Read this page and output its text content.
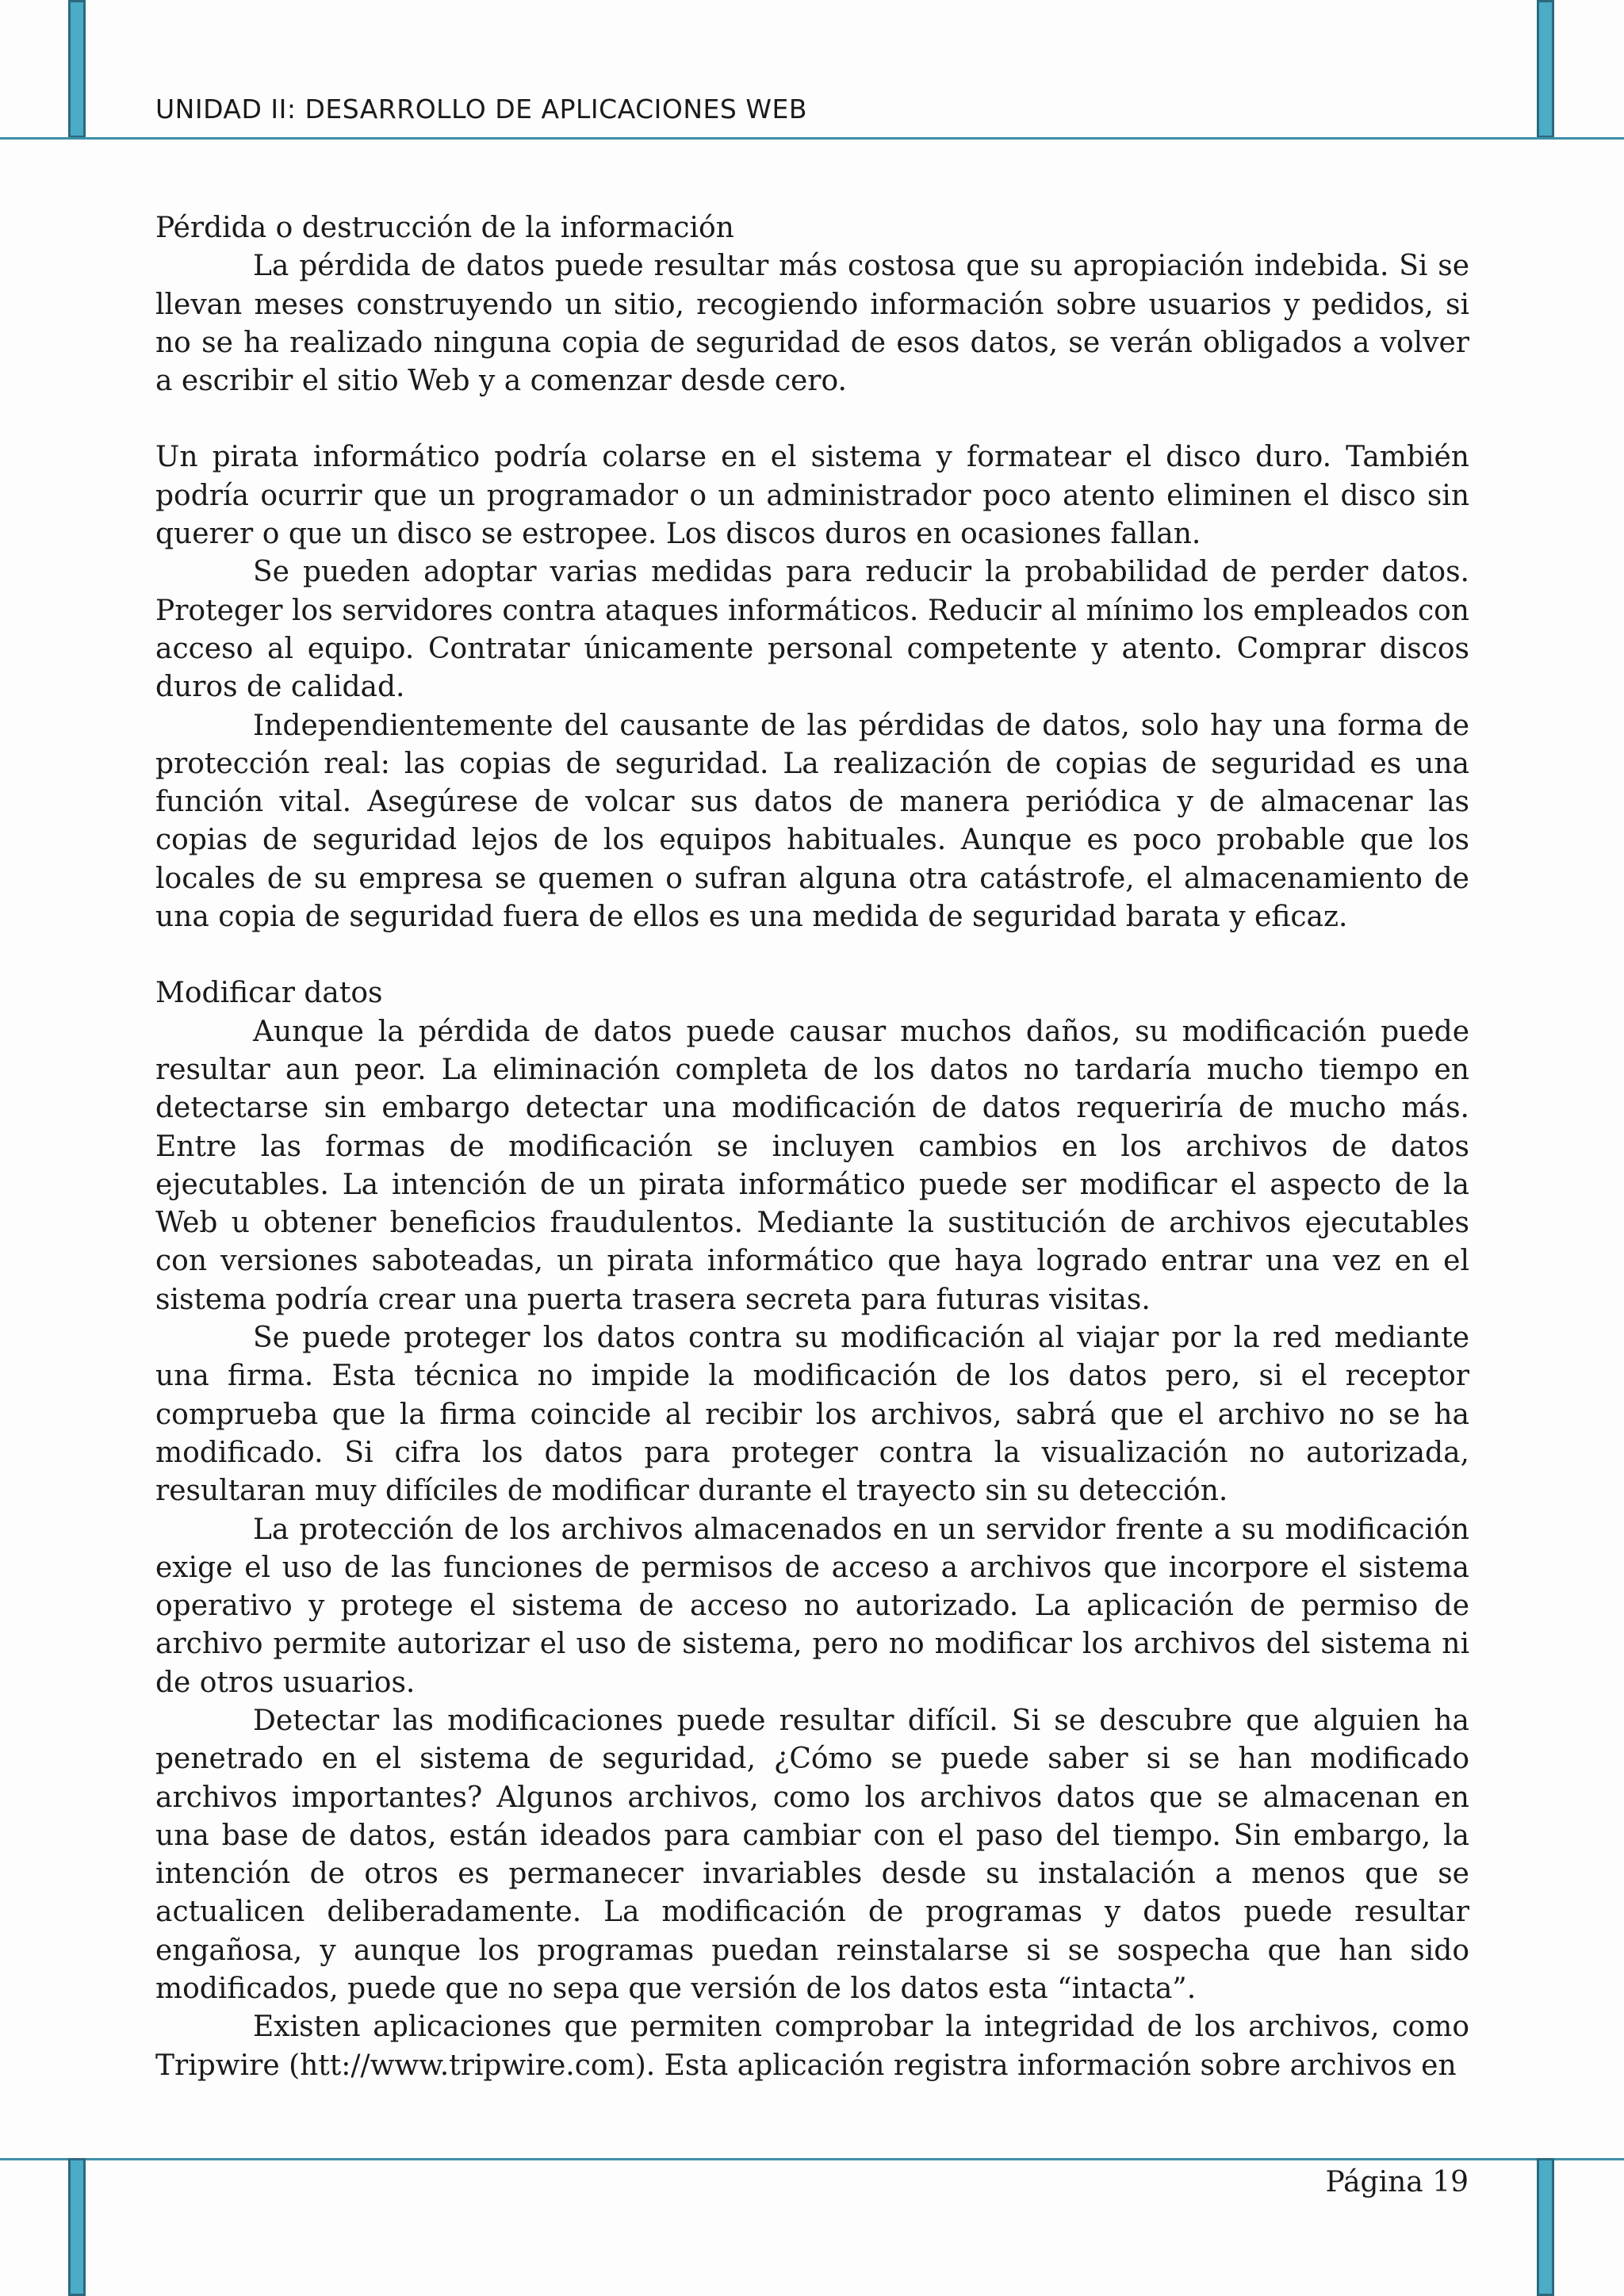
UNIDAD II: DESARROLLO DE APLICACIONES WEB

Pérdida o destrucción de la información

La pérdida de datos puede resultar más costosa que su apropiación indebida. Si se llevan meses construyendo un sitio, recogiendo información sobre usuarios y pedidos, si no se ha realizado ninguna copia de seguridad de esos datos, se verán obligados a volver a escribir el sitio Web y a comenzar desde cero.

Un pirata informático podría colarse en el sistema y formatear el disco duro. También podría ocurrir que un programador o un administrador poco atento eliminen el disco sin querer o que un disco se estropee. Los discos duros en ocasiones fallan.

Se pueden adoptar varias medidas para reducir la probabilidad de perder datos. Proteger los servidores contra ataques informáticos. Reducir al mínimo los empleados con acceso al equipo. Contratar únicamente personal competente y atento. Comprar discos duros de calidad.

Independientemente del causante de las pérdidas de datos, solo hay una forma de protección real: las copias de seguridad. La realización de copias de seguridad es una función vital. Asegúrese de volcar sus datos de manera periódica y de almacenar las copias de seguridad lejos de los equipos habituales. Aunque es poco probable que los locales de su empresa se quemen o sufran alguna otra catástrofe, el almacenamiento de una copia de seguridad fuera de ellos es una medida de seguridad barata y eficaz.

Modificar datos

Aunque la pérdida de datos puede causar muchos daños, su modificación puede resultar aun peor. La eliminación completa de los datos no tardaría mucho tiempo en detectarse sin embargo detectar una modificación de datos requeriría de mucho más. Entre las formas de modificación se incluyen cambios en los archivos de datos ejecutables. La intención de un pirata informático puede ser modificar el aspecto de la Web u obtener beneficios fraudulentos. Mediante la sustitución de archivos ejecutables con versiones saboteadas, un pirata informático que haya logrado entrar una vez en el sistema podría crear una puerta trasera secreta para futuras visitas.

Se puede proteger los datos contra su modificación al viajar por la red mediante una firma. Esta técnica no impide la modificación de los datos pero, si el receptor comprueba que la firma coincide al recibir los archivos, sabrá que el archivo no se ha modificado. Si cifra los datos para proteger contra la visualización no autorizada, resultaran muy difíciles de modificar durante el trayecto sin su detección.

La protección de los archivos almacenados en un servidor frente a su modificación exige el uso de las funciones de permisos de acceso a archivos que incorpore el sistema operativo y protege el sistema de acceso no autorizado. La aplicación de permiso de archivo permite autorizar el uso de sistema, pero no modificar los archivos del sistema ni de otros usuarios.

Detectar las modificaciones puede resultar difícil. Si se descubre que alguien ha penetrado en el sistema de seguridad, ¿Cómo se puede saber si se han modificado archivos importantes? Algunos archivos, como los archivos datos que se almacenan en una base de datos, están ideados para cambiar con el paso del tiempo. Sin embargo, la intención de otros es permanecer invariables desde su instalación a menos que se actualicen deliberadamente. La modificación de programas y datos puede resultar engañosa, y aunque los programas puedan reinstalarse si se sospecha que han sido modificados, puede que no sepa que versión de los datos esta “intacta”.

Existen aplicaciones que permiten comprobar la integridad de los archivos, como Tripwire (htt://www.tripwire.com). Esta aplicación registra información sobre archivos en

Página 19
